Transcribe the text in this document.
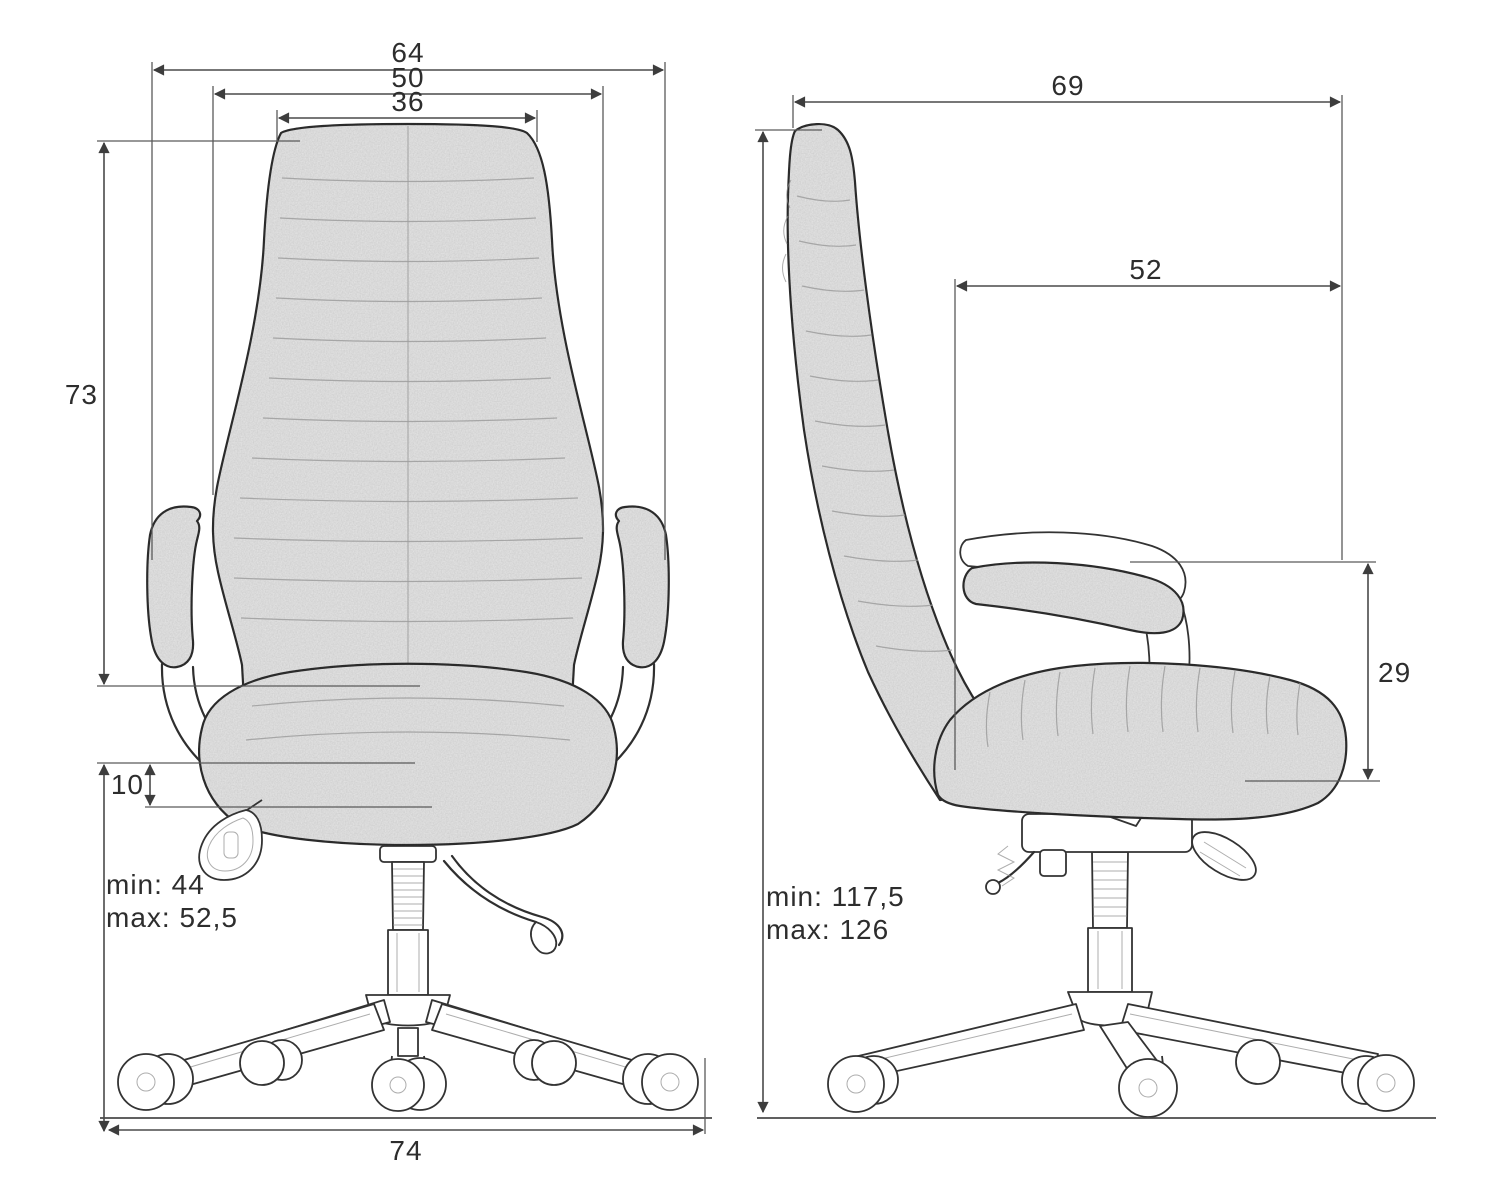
64
50
36
73
10
min: 44
max: 52,5
74
69
52
29
min: 117,5
max: 126
